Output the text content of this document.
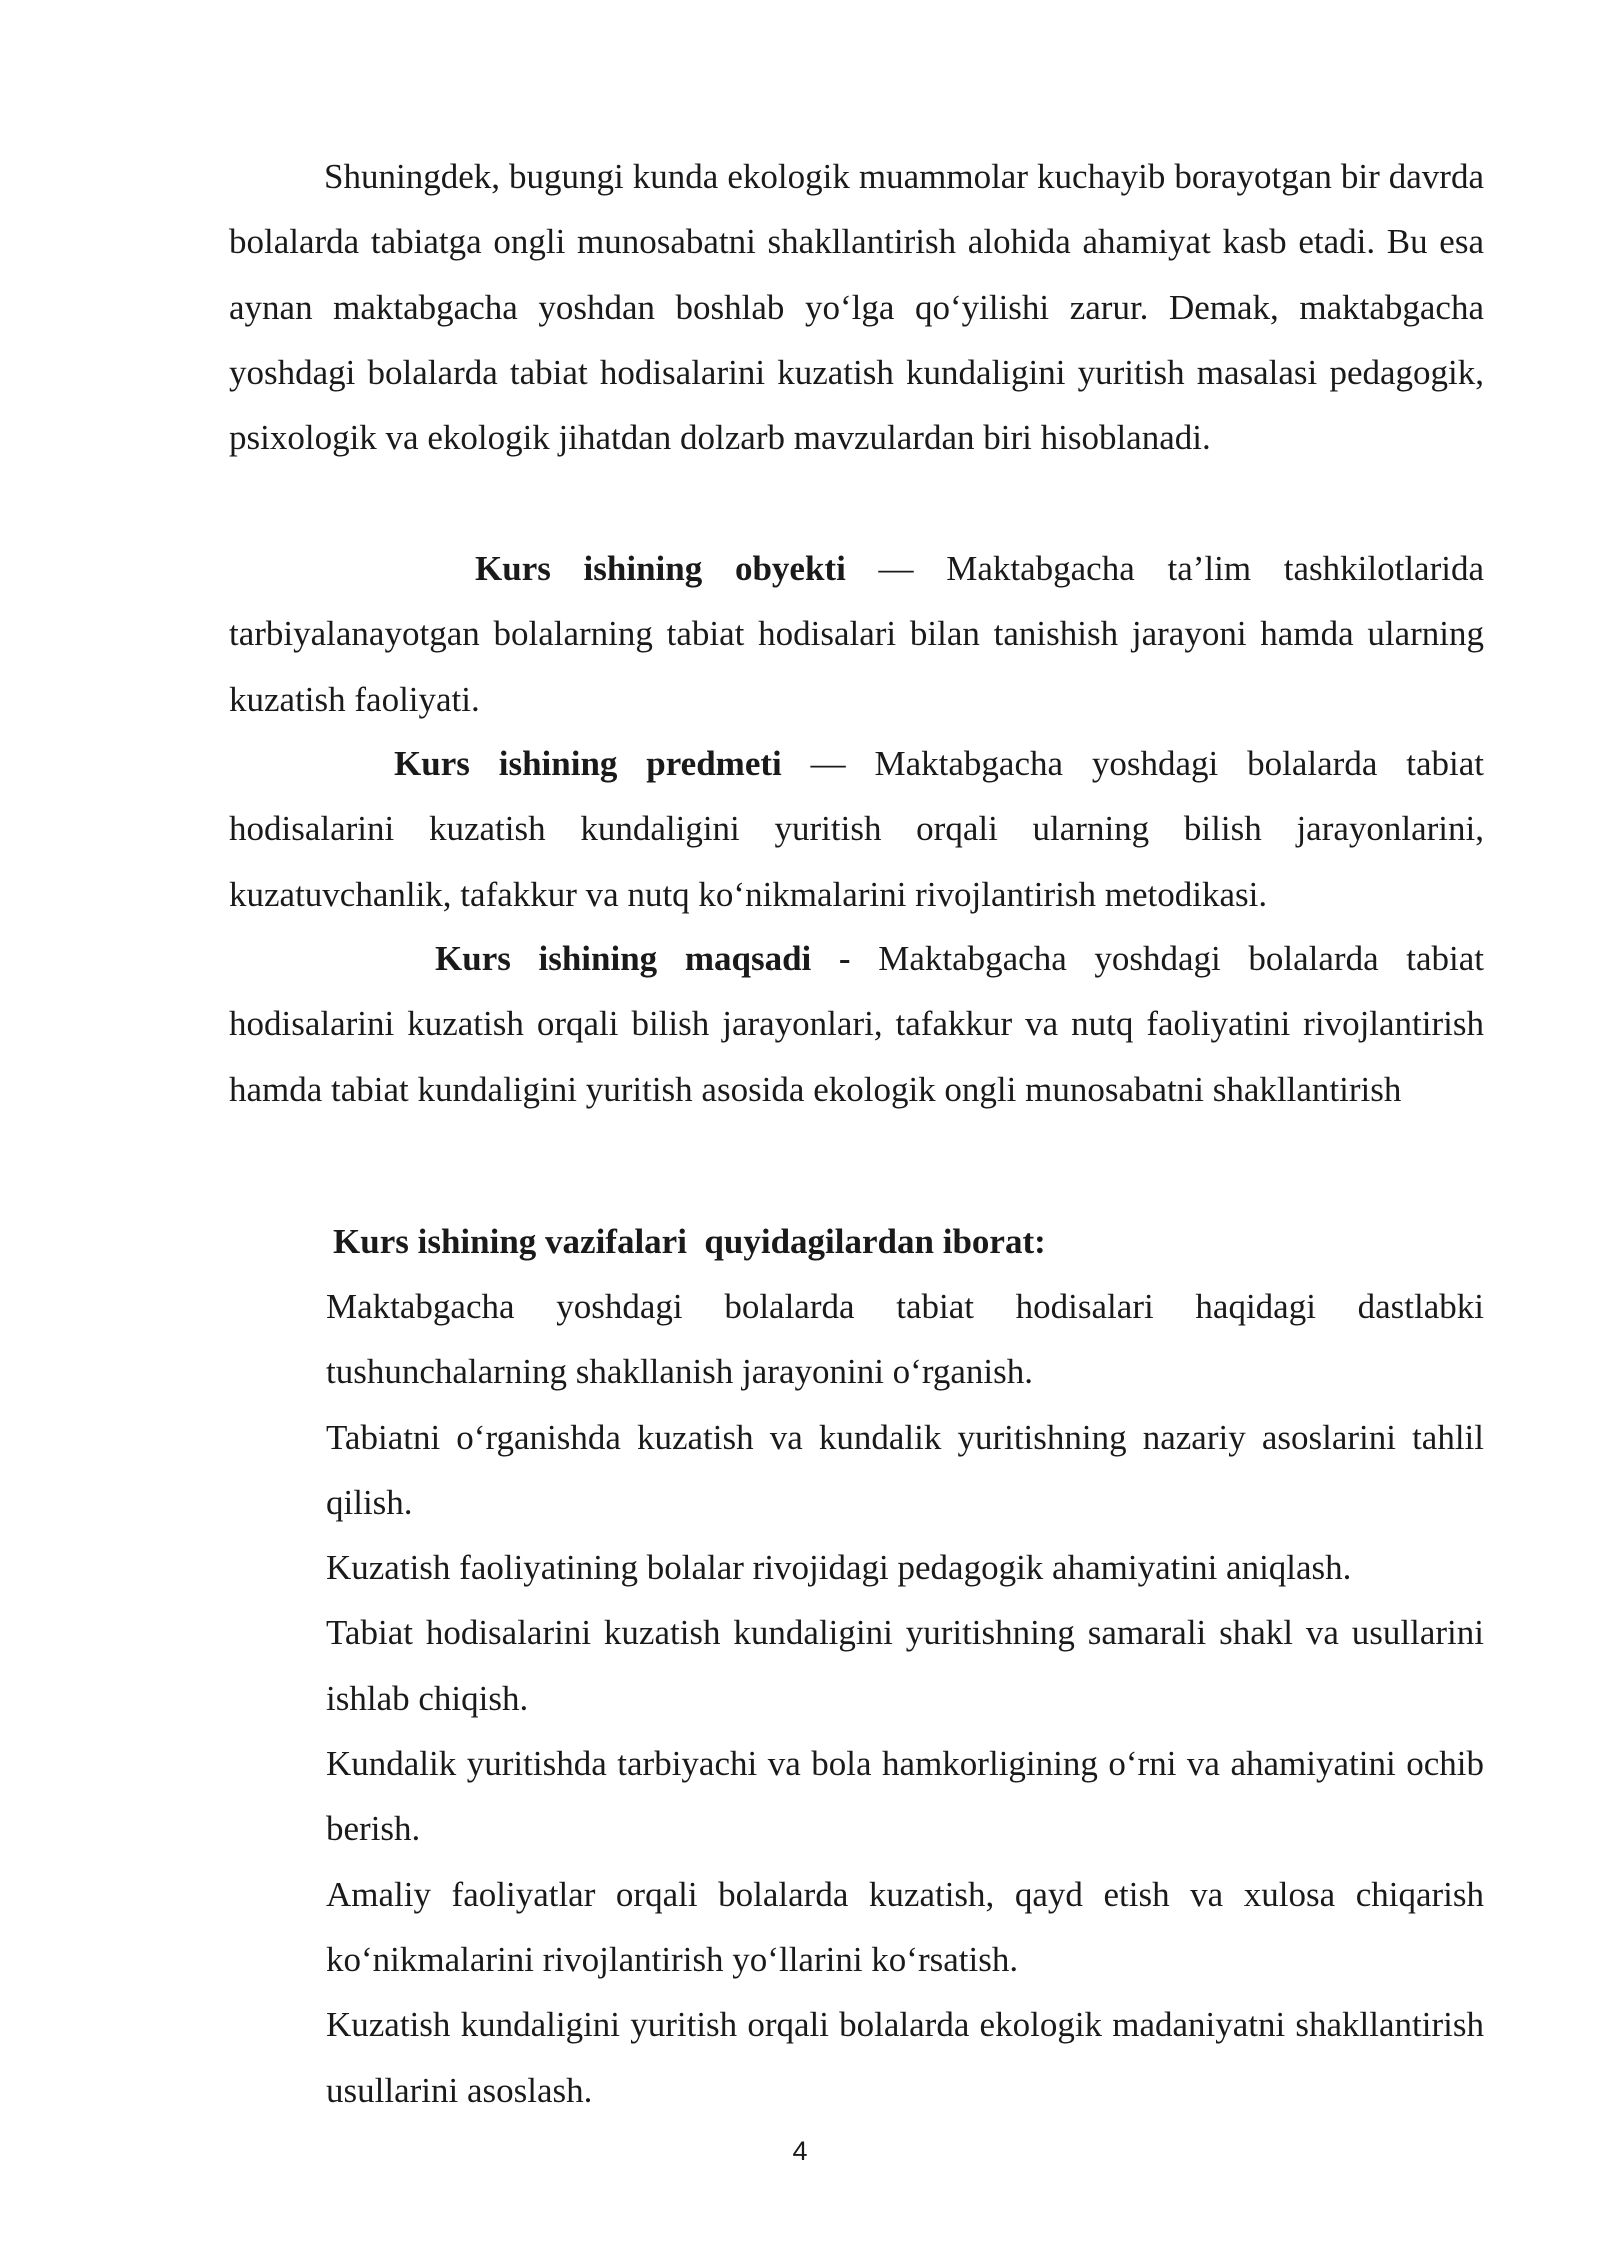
Shuningdek, bugungi kunda ekologik muammolar kuchayib borayotgan bir davrda bolalarda tabiatga ongli munosabatni shakllantirish alohida ahamiyat kasb etadi. Bu esa aynan maktabgacha yoshdan boshlab yo‘lga qo‘yilishi zarur. Demak, maktabgacha yoshdagi bolalarda tabiat hodisalarini kuzatish kundaligini yuritish masalasi pedagogik, psixologik va ekologik jihatdan dolzarb mavzulardan biri hisoblanadi.

Kurs ishining obyekti — Maktabgacha ta’lim tashkilotlarida tarbiyalanayotgan bolalarning tabiat hodisalari bilan tanishish jarayoni hamda ularning kuzatish faoliyati.

Kurs ishining predmeti — Maktabgacha yoshdagi bolalarda tabiat hodisalarini kuzatish kundaligini yuritish orqali ularning bilish jarayonlarini, kuzatuvchanlik, tafakkur va nutq ko‘nikmalarini rivojlantirish metodikasi.

Kurs ishining maqsadi - Maktabgacha yoshdagi bolalarda tabiat hodisalarini kuzatish orqali bilish jarayonlari, tafakkur va nutq faoliyatini rivojlantirish hamda tabiat kundaligini yuritish asosida ekologik ongli munosabatni shakllantirish

Kurs ishining vazifalari  quyidagilardan iborat:

Maktabgacha yoshdagi bolalarda tabiat hodisalari haqidagi dastlabki tushunchalarning shakllanish jarayonini o‘rganish.
Tabiatni o‘rganishda kuzatish va kundalik yuritishning nazariy asoslarini tahlil qilish.
Kuzatish faoliyatining bolalar rivojidagi pedagogik ahamiyatini aniqlash.
Tabiat hodisalarini kuzatish kundaligini yuritishning samarali shakl va usullarini ishlab chiqish.
Kundalik yuritishda tarbiyachi va bola hamkorligining o‘rni va ahamiyatini ochib berish.
Amaliy faoliyatlar orqali bolalarda kuzatish, qayd etish va xulosa chiqarish ko‘nikmalarini rivojlantirish yo‘llarini ko‘rsatish.
Kuzatish kundaligini yuritish orqali bolalarda ekologik madaniyatni shakllantirish usullarini asoslash.
4
